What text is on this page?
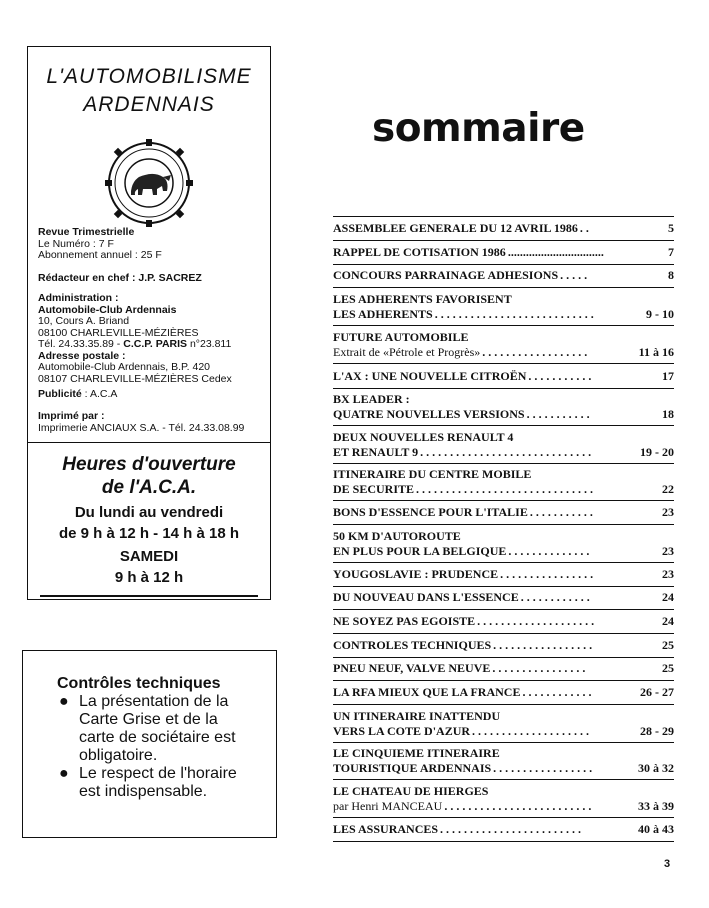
L'AUTOMOBILISME
ARDENNAIS
Revue Trimestrielle
Le Numéro : 7 F
Abonnement annuel : 25 F
Rédacteur en chef : J.P. SACREZ
Administration :
Automobile-Club Ardennais
10, Cours A. Briand
08100 CHARLEVILLE-MÉZIÈRES
Tél. 24.33.35.89 - C.C.P. PARIS n°23.811
Adresse postale :
Automobile-Club Ardennais, B.P. 420
08107 CHARLEVILLE-MÉZIÈRES Cedex
Publicité : A.C.A
Imprimé par :
Imprimerie ANCIAUX S.A. - Tél. 24.33.08.99
Heures d'ouverture
de l'A.C.A.
Du lundi au vendredi
de 9 h à 12 h - 14 h à 18 h
SAMEDI
9 h à 12 h
Contrôles techniques
● La présentation de la Carte Grise et de la carte de sociétaire est obligatoire.
● Le respect de l'horaire est indispensable.
sommaire
ASSEMBLEE GENERALE DU 12 AVRIL 1986 . .	5
RAPPEL DE COTISATION 1986 ................................	7
CONCOURS PARRAINAGE ADHESIONS . . . . .	8
LES ADHERENTS FAVORISENT
LES ADHERENTS . . . . . . . . . . . . . . . . . . . . . . . . . . .	9 - 10
FUTURE AUTOMOBILE
Extrait de «Pétrole et Progrès» . . . . . . . . . . . . . . . . . .	11 à 16
L'AX : UNE NOUVELLE CITROËN . . . . . . . . . . .	17
BX LEADER :
QUATRE NOUVELLES VERSIONS . . . . . . . . . . .	18
DEUX NOUVELLES RENAULT 4
ET RENAULT 9 . . . . . . . . . . . . . . . . . . . . . . . . . . . . .	19 - 20
ITINERAIRE DU CENTRE MOBILE
DE SECURITE . . . . . . . . . . . . . . . . . . . . . . . . . . . . . .	22
BONS D'ESSENCE POUR L'ITALIE . . . . . . . . . . .	23
50 KM D'AUTOROUTE
EN PLUS POUR LA BELGIQUE . . . . . . . . . . . . . .	23
YOUGOSLAVIE : PRUDENCE . . . . . . . . . . . . . . . .	23
DU NOUVEAU DANS L'ESSENCE . . . . . . . . . . . .	24
NE SOYEZ PAS EGOISTE . . . . . . . . . . . . . . . . . . . .	24
CONTROLES TECHNIQUES . . . . . . . . . . . . . . . . .	25
PNEU NEUF, VALVE NEUVE . . . . . . . . . . . . . . . .	25
LA RFA MIEUX QUE LA FRANCE . . . . . . . . . . . .	26 - 27
UN ITINERAIRE INATTENDU
VERS LA COTE D'AZUR . . . . . . . . . . . . . . . . . . . .	28 - 29
LE CINQUIEME ITINERAIRE
TOURISTIQUE ARDENNAIS . . . . . . . . . . . . . . . . .	30 à 32
LE CHATEAU DE HIERGES
par Henri MANCEAU . . . . . . . . . . . . . . . . . . . . . . . . .	33 à 39
LES ASSURANCES . . . . . . . . . . . . . . . . . . . . . . . .	40 à 43
3
